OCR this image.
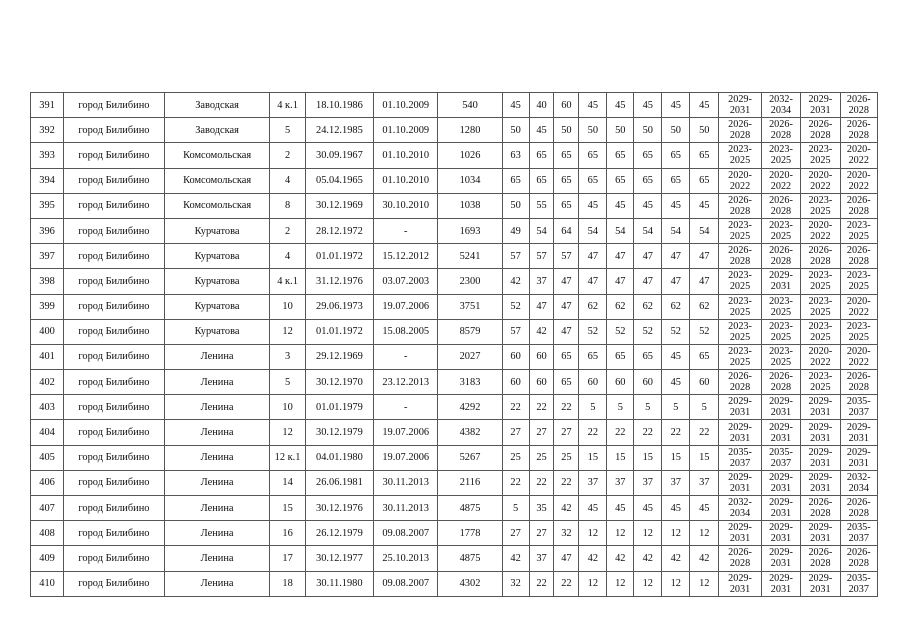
391	город Билибино	Заводская	4 к.1	18.10.1986	01.10.2009	540	45	40	60	45	45	45	45	45	2029-2031	2032-2034	2029-2031	2026-2028
392	город Билибино	Заводская	5	24.12.1985	01.10.2009	1280	50	45	50	50	50	50	50	50	2026-2028	2026-2028	2026-2028	2026-2028
393	город Билибино	Комсомольская	2	30.09.1967	01.10.2010	1026	63	65	65	65	65	65	65	65	2023-2025	2023-2025	2023-2025	2020-2022
394	город Билибино	Комсомольская	4	05.04.1965	01.10.2010	1034	65	65	65	65	65	65	65	65	2020-2022	2020-2022	2020-2022	2020-2022
395	город Билибино	Комсомольская	8	30.12.1969	30.10.2010	1038	50	55	65	45	45	45	45	45	2026-2028	2026-2028	2023-2025	2026-2028
396	город Билибино	Курчатова	2	28.12.1972	-	1693	49	54	64	54	54	54	54	54	2023-2025	2023-2025	2020-2022	2023-2025
397	город Билибино	Курчатова	4	01.01.1972	15.12.2012	5241	57	57	57	47	47	47	47	47	2026-2028	2026-2028	2026-2028	2026-2028
398	город Билибино	Курчатова	4 к.1	31.12.1976	03.07.2003	2300	42	37	47	47	47	47	47	47	2023-2025	2029-2031	2023-2025	2023-2025
399	город Билибино	Курчатова	10	29.06.1973	19.07.2006	3751	52	47	47	62	62	62	62	62	2023-2025	2023-2025	2023-2025	2020-2022
400	город Билибино	Курчатова	12	01.01.1972	15.08.2005	8579	57	42	47	52	52	52	52	52	2023-2025	2023-2025	2023-2025	2023-2025
401	город Билибино	Ленина	3	29.12.1969	-	2027	60	60	65	65	65	65	45	65	2023-2025	2023-2025	2020-2022	2020-2022
402	город Билибино	Ленина	5	30.12.1970	23.12.2013	3183	60	60	65	60	60	60	45	60	2026-2028	2026-2028	2023-2025	2026-2028
403	город Билибино	Ленина	10	01.01.1979	-	4292	22	22	22	5	5	5	5	5	2029-2031	2029-2031	2029-2031	2035-2037
404	город Билибино	Ленина	12	30.12.1979	19.07.2006	4382	27	27	27	22	22	22	22	22	2029-2031	2029-2031	2029-2031	2029-2031
405	город Билибино	Ленина	12 к.1	04.01.1980	19.07.2006	5267	25	25	25	15	15	15	15	15	2035-2037	2035-2037	2029-2031	2029-2031
406	город Билибино	Ленина	14	26.06.1981	30.11.2013	2116	22	22	22	37	37	37	37	37	2029-2031	2029-2031	2029-2031	2032-2034
407	город Билибино	Ленина	15	30.12.1976	30.11.2013	4875	5	35	42	45	45	45	45	45	2032-2034	2029-2031	2026-2028	2026-2028
408	город Билибино	Ленина	16	26.12.1979	09.08.2007	1778	27	27	32	12	12	12	12	12	2029-2031	2029-2031	2029-2031	2035-2037
409	город Билибино	Ленина	17	30.12.1977	25.10.2013	4875	42	37	47	42	42	42	42	42	2026-2028	2029-2031	2026-2028	2026-2028
410	город Билибино	Ленина	18	30.11.1980	09.08.2007	4302	32	22	22	12	12	12	12	12	2029-2031	2029-2031	2029-2031	2035-2037
